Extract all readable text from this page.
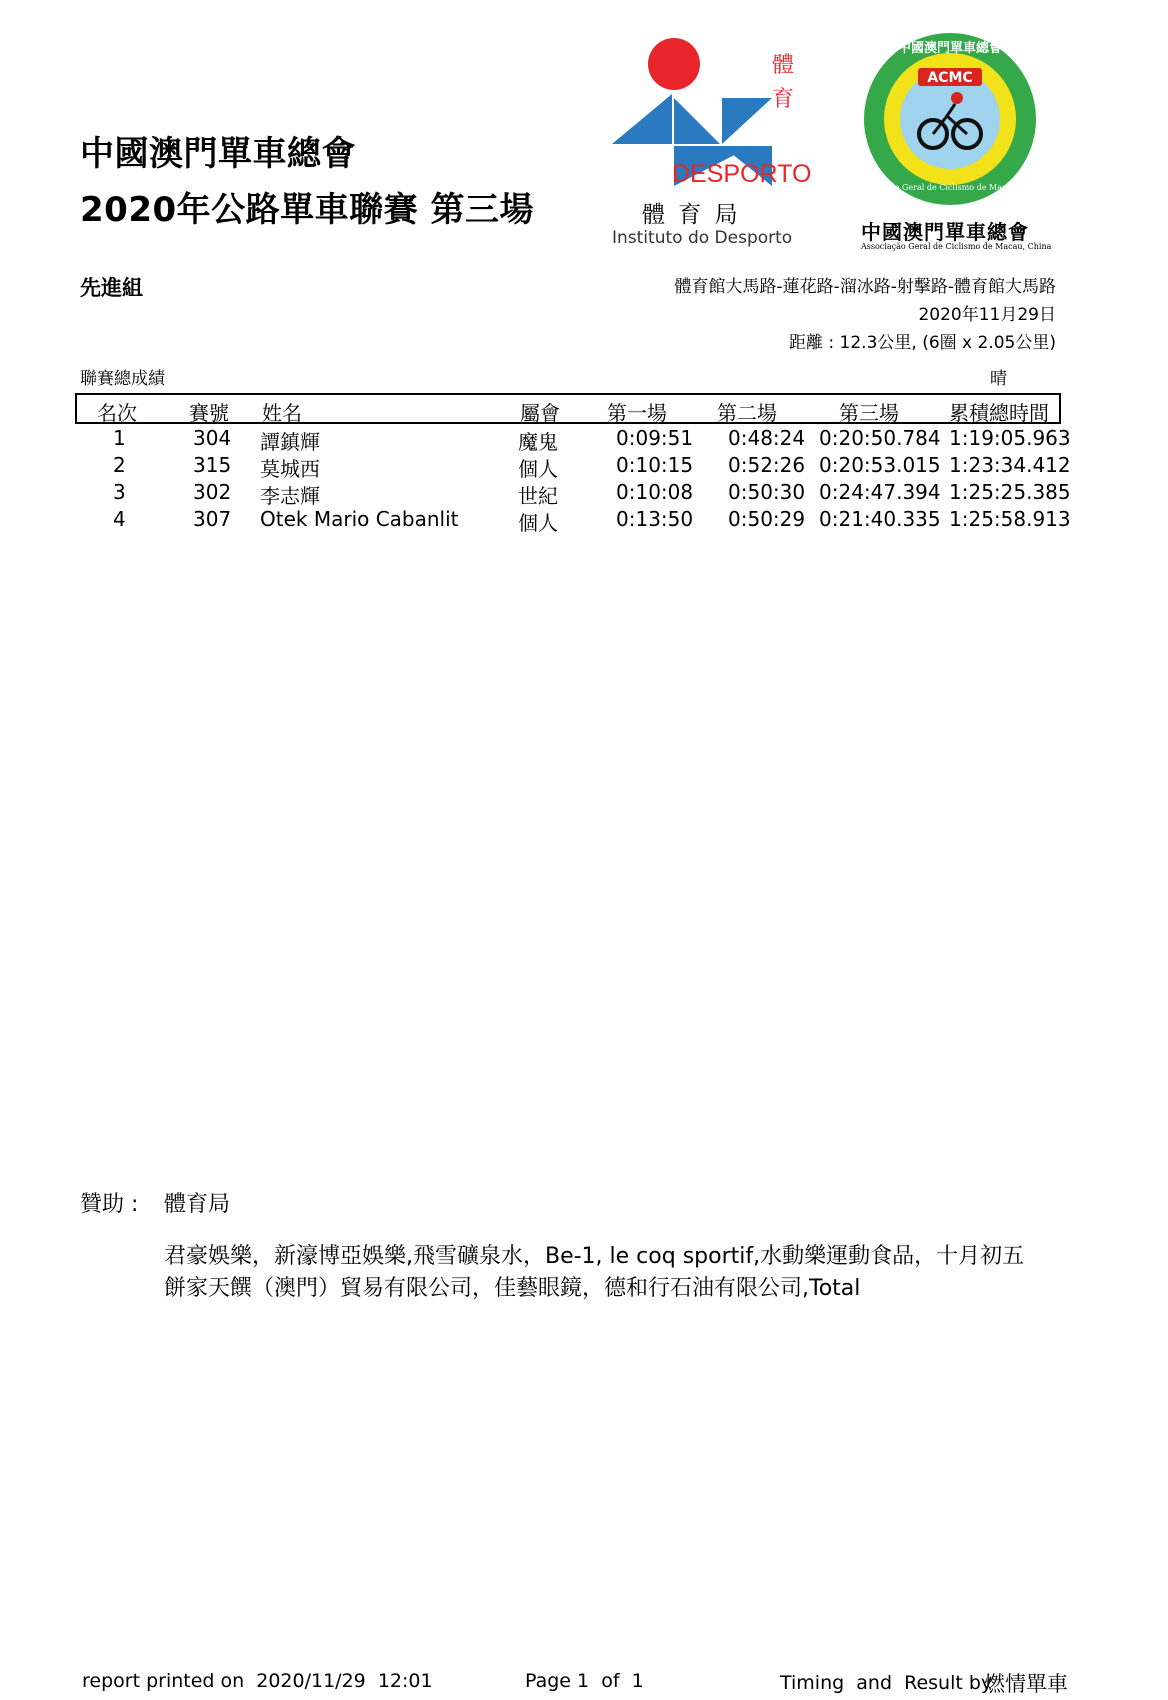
中國澳門單車總會
2020年公路單車聯賽 第三場
體
育
DESPORTO
體 育 局
Instituto do Desporto
中國澳門單車總會
ACMC
Associação Geral de Ciclismo de Macau, China
中國澳門單車總會
Associação Geral de Ciclismo de Macau, China
先進組	體育館大馬路-蓮花路-溜冰路-射擊路-體育館大馬路
2020年11月29日
距離 : 12.3公里, (6圈 x 2.05公里)
聯賽總成績	晴
名次	賽號 姓名	屬會 第一場	第二場	第三場	累積總時間
1	304 譚鎮輝	魔鬼	0:09:51 0:48:24 0:20:50.784 1:19:05.963
2	315 莫城西	個人	0:10:15 0:52:26 0:20:53.015 1:23:34.412
3	302 李志輝	世紀	0:10:08 0:50:30 0:24:47.394 1:25:25.385
4	307 Otek Mario Cabanlit	個人	0:13:50 0:50:29 0:21:40.335 1:25:58.913
贊助 : 體育局
君豪娛樂，新濠博亞娛樂,飛雪礦泉水，Be-1, le coq sportif,水動樂運動食品，十月初五
餅家天饌（澳門）貿易有限公司，佳藝眼鏡，德和行石油有限公司,Total
report printed on  2020/11/29  12:01	Page 1  of  1	Timing  and  Result by
燃情單車
